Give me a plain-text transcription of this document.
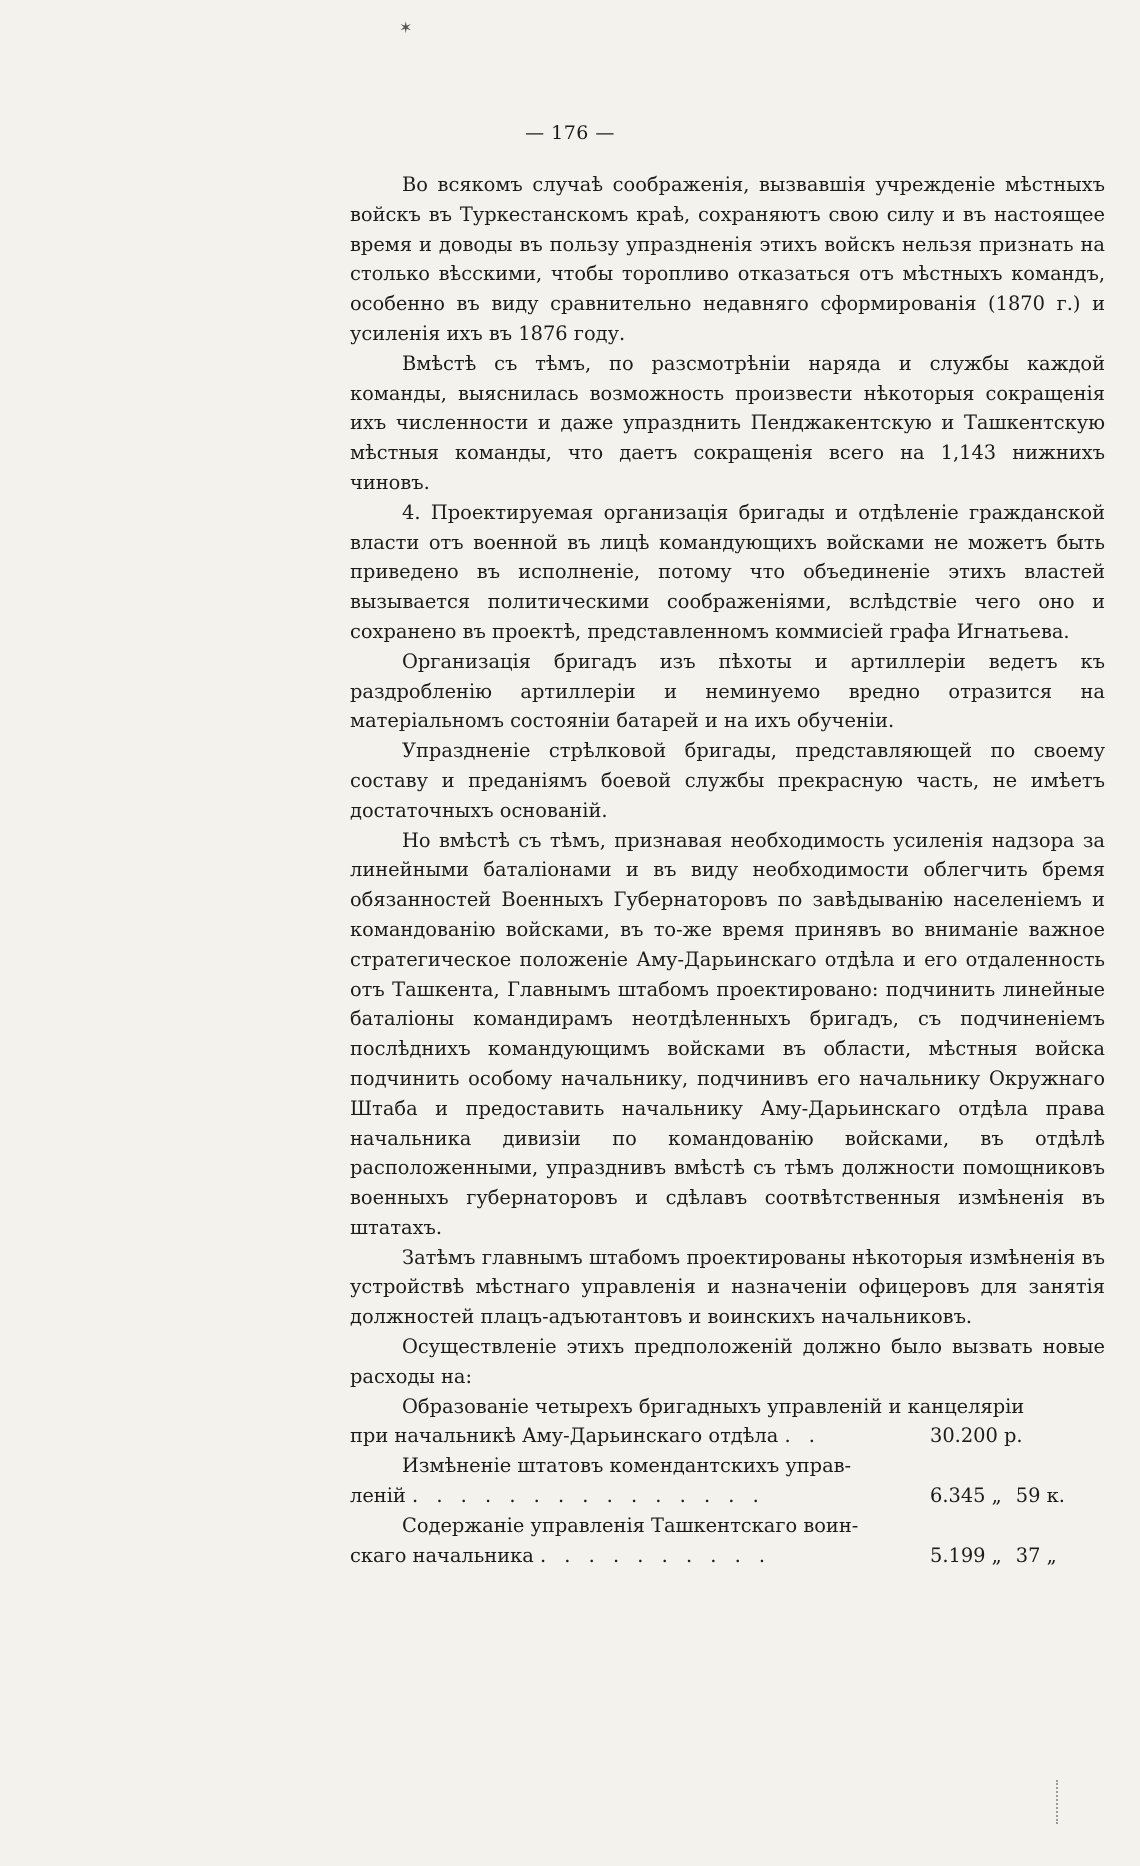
✶
— 176 —

Во всякомъ случаѣ соображенія, вызвавшія учрежденіе мѣстныхъ войскъ въ Туркестанскомъ краѣ, сохраняютъ свою силу и въ настоящее время и доводы въ пользу упраздненія этихъ войскъ нельзя признать на столько вѣсскими, чтобы торопливо отказаться отъ мѣстныхъ командъ, особенно въ виду сравнительно недавняго сформированія (1870 г.) и усиленія ихъ въ 1876 году.

Вмѣстѣ съ тѣмъ, по разсмотрѣніи наряда и службы каждой команды, выяснилась возможность произвести нѣкоторыя сокращенія ихъ численности и даже упразднить Пенджакентскую и Ташкентскую мѣстныя команды, что даетъ сокращенія всего на 1,143 нижнихъ чиновъ.

4. Проектируемая организація бригады и отдѣленіе гражданской власти отъ военной въ лицѣ командующихъ войсками не можетъ быть приведено въ исполненіе, потому что объединеніе этихъ властей вызывается политическими соображеніями, вслѣдствіе чего оно и сохранено въ проектѣ, представленномъ коммисіей графа Игнатьева.

Организація бригадъ изъ пѣхоты и артиллеріи ведетъ къ раздробленію артиллеріи и неминуемо вредно отразится на матеріальномъ состояніи батарей и на ихъ обученіи.

Упраздненіе стрѣлковой бригады, представляющей по своему составу и преданіямъ боевой службы прекрасную часть, не имѣетъ достаточныхъ основаній.

Но вмѣстѣ съ тѣмъ, признавая необходимость усиленія надзора за линейными баталіонами и въ виду необходимости облегчить бремя обязанностей Военныхъ Губернаторовъ по завѣдыванію населеніемъ и командованію войсками, въ то-же время принявъ во вниманіе важное стратегическое положеніе Аму-Дарьинскаго отдѣла и его отдаленность отъ Ташкента, Главнымъ штабомъ проектировано: подчинить линейные баталіоны командирамъ неотдѣленныхъ бригадъ, съ подчиненіемъ послѣднихъ командующимъ войсками въ области, мѣстныя войска подчинить особому начальнику, подчинивъ его начальнику Окружнаго Штаба и предоставить начальнику Аму-Дарьинскаго отдѣла права начальника дивизіи по командованію войсками, въ отдѣлѣ расположенными, упразднивъ вмѣстѣ съ тѣмъ должности помощниковъ военныхъ губернаторовъ и сдѣлавъ соотвѣтственныя измѣненія въ штатахъ.

Затѣмъ главнымъ штабомъ проектированы нѣкоторыя измѣненія въ устройствѣ мѣстнаго управленія и назначеніи офицеровъ для занятія должностей плацъ-адъютантовъ и воинскихъ начальниковъ.

Осуществленіе этихъ предположеній должно было вызвать новые расходы на:

Образованіе четырехъ бригадныхъ управленій и канцеляріи
при начальникѣ Аму-Дарьинскаго отдѣла . .	30.200 р.
Измѣненіе штатовъ комендантскихъ управ-
леній . . . . . . . . . . . . . . .	6.345 „ 59 к.
Содержаніе управленія Ташкентскаго воин-
скаго начальника . . . . . . . . . .	5.199 „ 37 „
